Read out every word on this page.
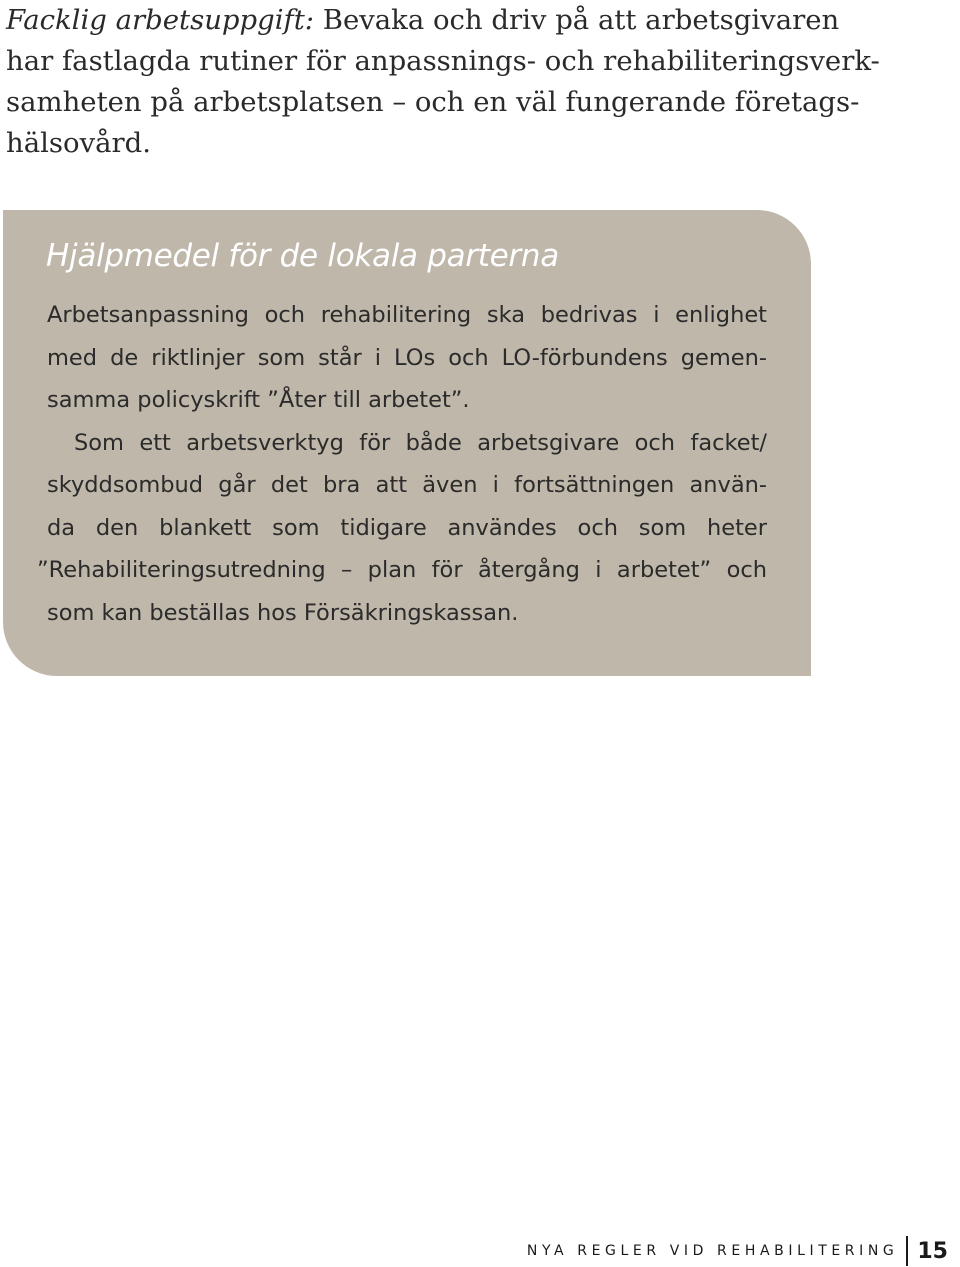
Facklig arbetsuppgift: Bevaka och driv på att arbetsgivaren
har fastlagda rutiner för anpassnings- och rehabiliteringsverk-
samheten på arbetsplatsen – och en väl fungerande företags-
hälsovård.
Hjälpmedel för de lokala parterna
Arbetsanpassning och rehabilitering ska bedrivas i enlighet
med de riktlinjer som står i LOs och LO-förbundens gemen-
samma policyskrift ”Åter till arbetet”.
Som ett arbetsverktyg för både arbetsgivare och facket/
skyddsombud går det bra att även i fortsättningen använ-
da den blankett som tidigare användes och som heter
”Rehabiliteringsutredning – plan för återgång i arbetet” och
som kan beställas hos Försäkringskassan.
NYA REGLER VID REHABILITERING 15
